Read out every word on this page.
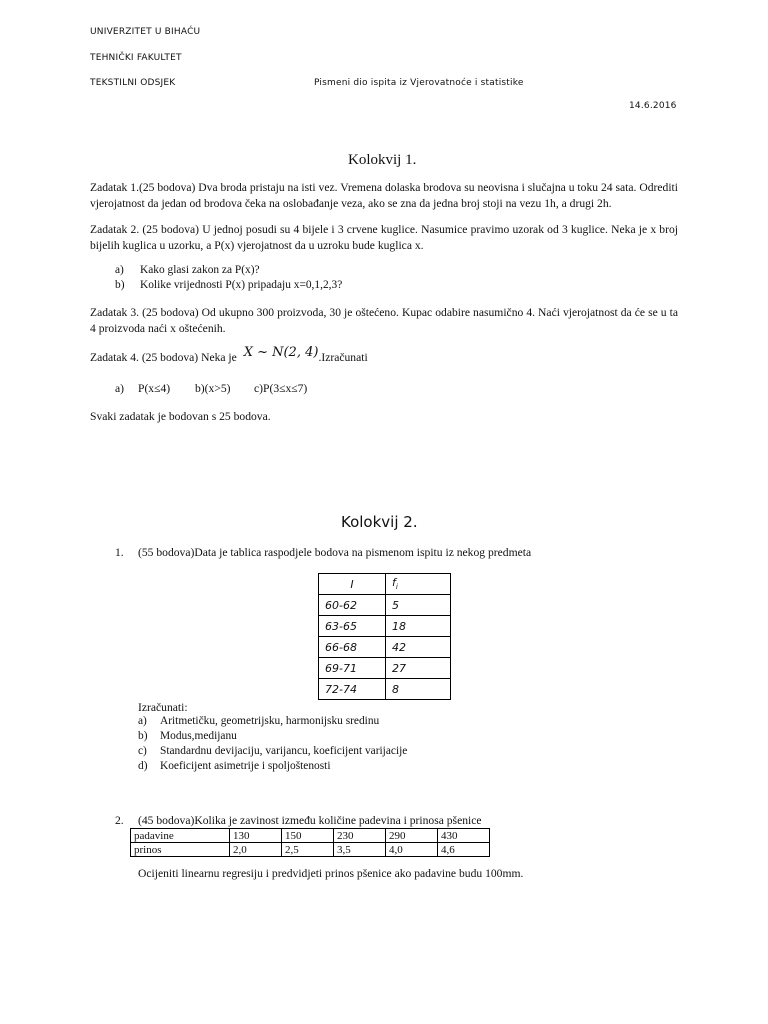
UNIVERZITET U BIHAĆU
TEHNIČKI FAKULTET
TEKSTILNI ODSJEK	Pismeni dio ispita iz Vjerovatnoće i statistike
14.6.2016
Kolokvij 1.
Zadatak 1.(25 bodova) Dva broda pristaju na isti vez. Vremena dolaska brodova su neovisna i slučajna u toku 24 sata. Odrediti vjerojatnost da jedan od brodova čeka na oslobađanje veza, ako se zna da jedna broj stoji na vezu 1h, a drugi 2h.
Zadatak 2. (25 bodova) U jednoj posudi su 4 bijele i 3 crvene kuglice. Nasumice pravimo uzorak od 3 kuglice. Neka je x broj bijelih kuglica u uzorku, a P(x) vjerojatnost da u uzroku bude kuglica x.
a) Kako glasi zakon za P(x)?
b) Kolike vrijednosti P(x) pripadaju x=0,1,2,3?
Zadatak 3. (25 bodova) Od ukupno 300 proizvoda, 30 je oštećeno. Kupac odabire nasumično 4. Naći vjerojatnost da će se u ta 4 proizvoda naći x oštećenih.
Zadatak 4. (25 bodova) Neka je X ~ N(2, 4).Izračunati
a) P(x≤4) b)(x>5) c)P(3≤x≤7)
Svaki zadatak je bodovan s 25 bodova.
Kolokvij 2.
1. (55 bodova)Data je tablica raspodjele bodova na pismenom ispitu iz nekog predmeta
I	$f_i$
60-62	5
63-65	18
66-68	42
69-71	27
72-74	8
Izračunati:
a) Aritmetičku, geometrijsku, harmonijsku sredinu
b) Modus,medijanu
c) Standardnu devijaciju, varijancu, koeficijent varijacije
d) Koeficijent asimetrije i spoljoštenosti
2. (45 bodova)Kolika je zavinost između količine padevina i prinosa pšenice
padavine	130	150	230	290	430
prinos	2,0	2,5	3,5	4,0	4,6
Ocijeniti linearnu regresiju i predvidjeti prinos pšenice ako padavine budu 100mm.
